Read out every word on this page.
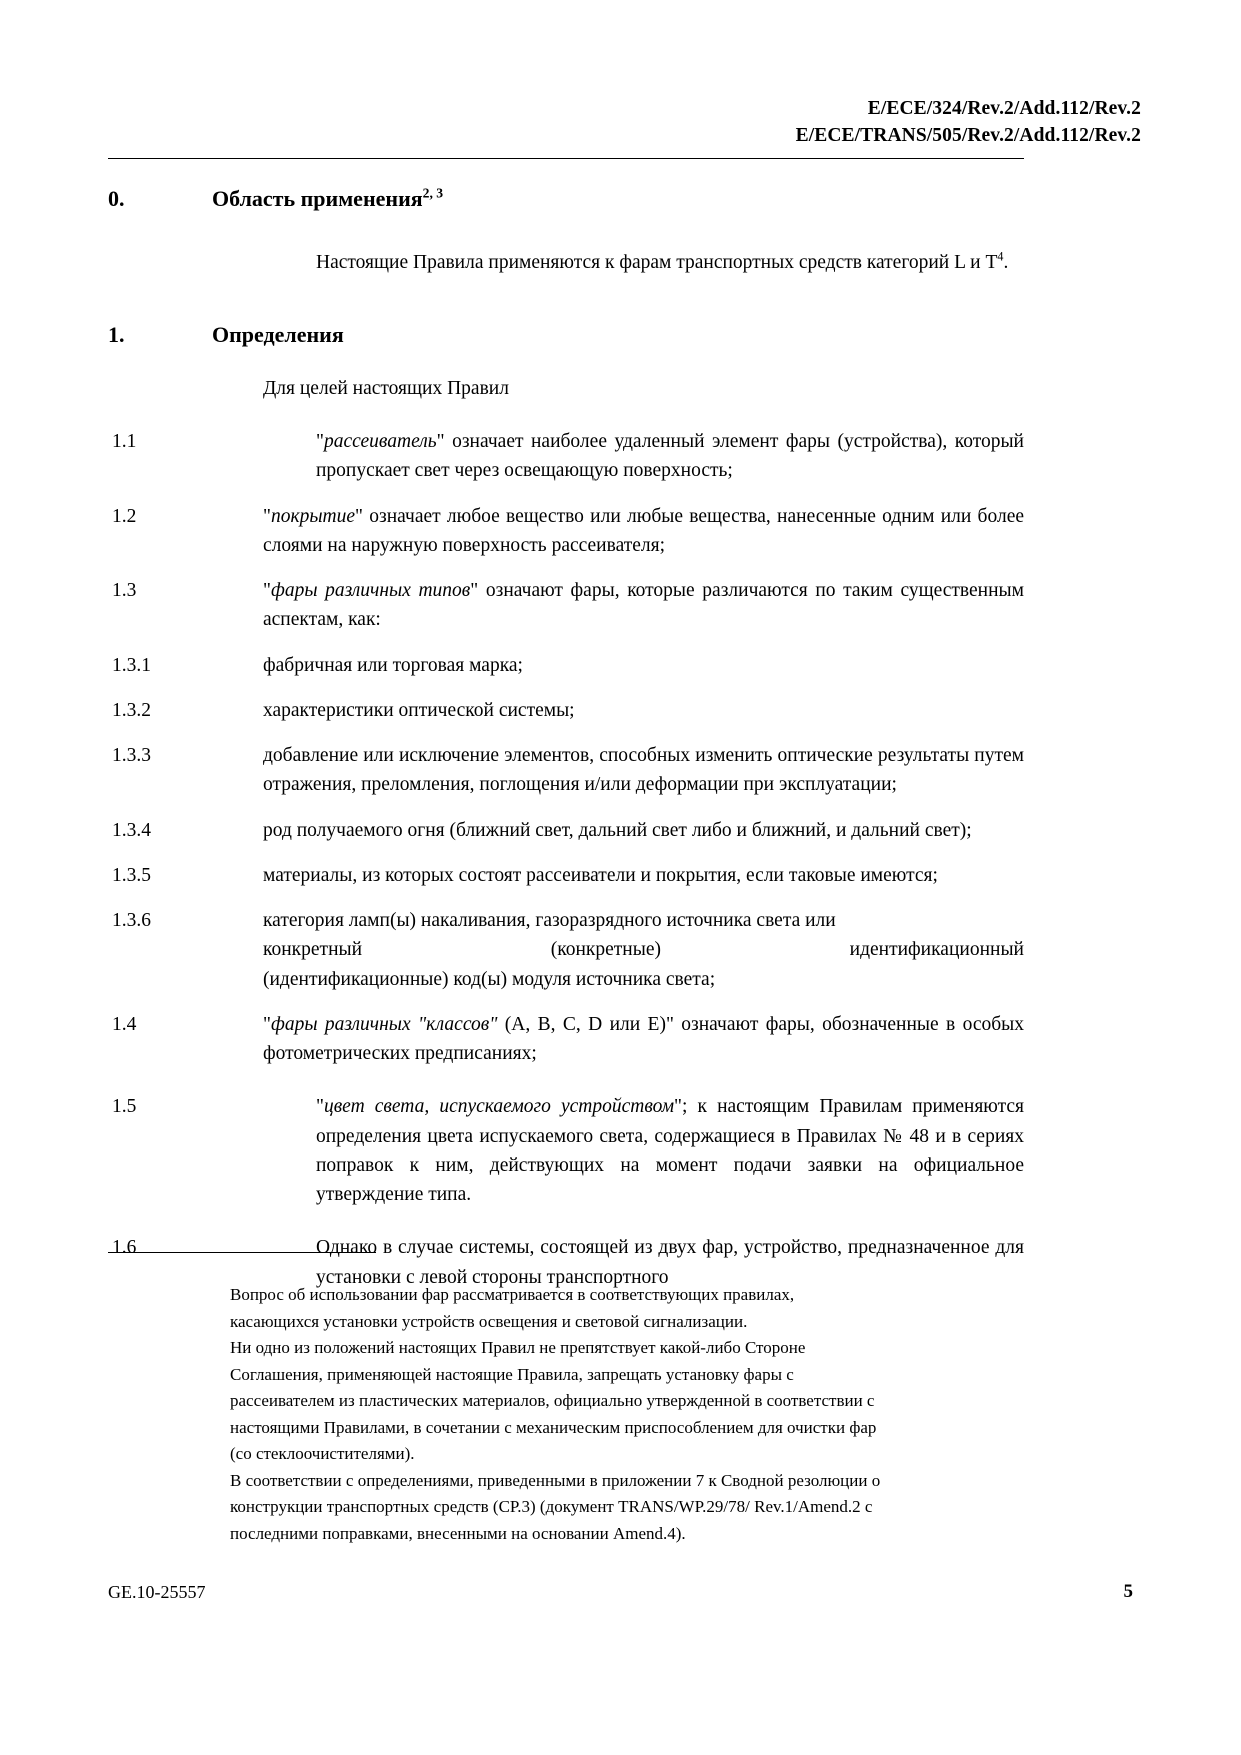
E/ECE/324/Rev.2/Add.112/Rev.2
E/ECE/TRANS/505/Rev.2/Add.112/Rev.2
0.	Область применения$^{2, 3}$

Настоящие Правила применяются к фарам транспортных средств категорий L и $T^4$.

1.	Определения

Для целей настоящих Правил

1.1	"рассеиватель" означает наиболее удаленный элемент фары (устройства), который пропускает свет через освещающую поверхность;
1.2	"покрытие" означает любое вещество или любые вещества, нанесенные одним или более слоями на наружную поверхность рассеивателя;
1.3	"фары различных типов" означают фары, которые различаются по таким существенным аспектам, как:
1.3.1	фабричная или торговая марка;
1.3.2	характеристики оптической системы;
1.3.3	добавление или исключение элементов, способных изменить оптические результаты путем отражения, преломления, поглощения и/или деформации при эксплуатации;
1.3.4	род получаемого огня (ближний свет, дальний свет либо и ближний, и дальний свет);
1.3.5	материалы, из которых состоят рассеиватели и покрытия, если таковые имеются;
1.3.6	категория ламп(ы) накаливания, газоразрядного источника света или
конкретный	(конкретные)	идентификационный
(идентификационные) код(ы) модуля источника света;
1.4	"фары различных "классов" (A, B, C, D или E)" означают фары, обозначенные в особых фотометрических предписаниях;
1.5	"цвет света, испускаемого устройством"; к настоящим Правилам применяются определения цвета испускаемого света, содержащиеся в Правилах № 48 и в сериях поправок к ним, действующих на момент подачи заявки на официальное утверждение типа.
1.6	Однако в случае системы, состоящей из двух фар, устройство, предназначенное для установки с левой стороны транспортного

Вопрос об использовании фар рассматривается в соответствующих правилах,

касающихся установки устройств освещения и световой сигнализации.

Ни одно из положений настоящих Правил не препятствует какой-либо Стороне

Соглашения, применяющей настоящие Правила, запрещать установку фары с

рассеивателем из пластических материалов, официально утвержденной в соответствии с

настоящими Правилами, в сочетании с механическим приспособлением для очистки фар

(со стеклоочистителями).

В соответствии с определениями, приведенными в приложении 7 к Сводной резолюции о

конструкции транспортных средств (СР.3) (документ TRANS/WP.29/78/ Rev.1/Amend.2 с

последними поправками, внесенными на основании Amend.4).

GE.10-25557	5
